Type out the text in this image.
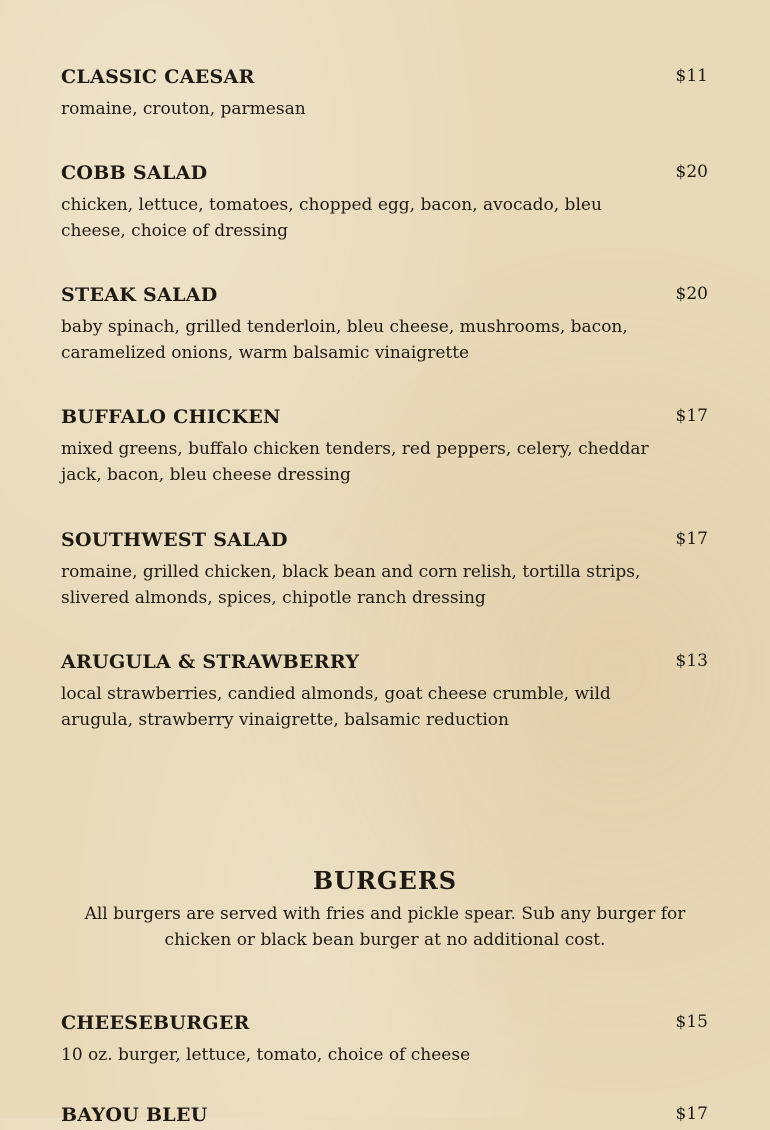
CLASSIC CAESAR	$11
romaine, crouton, parmesan
COBB SALAD	$20
chicken, lettuce, tomatoes, chopped egg, bacon, avocado, bleu cheese, choice of dressing
STEAK SALAD	$20
baby spinach, grilled tenderloin, bleu cheese, mushrooms, bacon, caramelized onions, warm balsamic vinaigrette
BUFFALO CHICKEN	$17
mixed greens, buffalo chicken tenders, red peppers, celery, cheddar jack, bacon, bleu cheese dressing
SOUTHWEST SALAD	$17
romaine, grilled chicken, black bean and corn relish, tortilla strips, slivered almonds, spices, chipotle ranch dressing
ARUGULA & STRAWBERRY	$13
local strawberries, candied almonds, goat cheese crumble, wild arugula, strawberry vinaigrette, balsamic reduction
BURGERS
All burgers are served with fries and pickle spear. Sub any burger for chicken or black bean burger at no additional cost.
CHEESEBURGER	$15
10 oz. burger, lettuce, tomato, choice of cheese
BAYOU BLEU	$17
